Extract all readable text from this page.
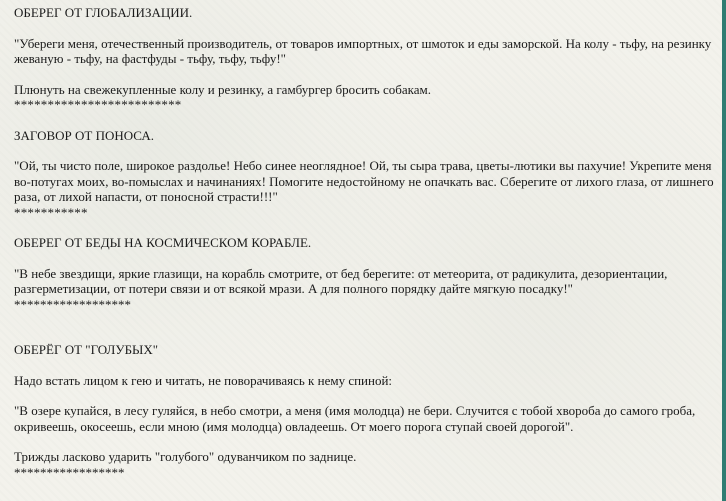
ОБЕРЕГ ОТ ГЛОБАЛИЗАЦИИ.

"Убереги меня, отечественный производитель, от товаров импортных, от шмоток и еды заморской. На колу - тьфу, на резинку жеваную - тьфу, на фастфуды - тьфу, тьфу, тьфу!"

Плюнуть на свежекупленные колу и резинку, а гамбургер бросить собакам.

*************************

ЗАГОВОР ОТ ПОНОСА.

"Ой, ты чисто поле, широкое раздолье! Небо синее неоглядное! Ой, ты сыра трава, цветы-лютики вы пахучие! Укрепите меня во-потугах моих, во-помыслах и начинаниях! Помогите недостойному не опачкать вас. Сберегите от лихого глаза, от лишнего раза, от лихой напасти, от поносной страсти!!!"

***********

ОБЕРЕГ ОТ БЕДЫ НА КОСМИЧЕСКОМ КОРАБЛЕ.

"В небе звездищи, яркие глазищи, на корабль смотрите, от бед берегите: от метеорита, от радикулита, дезориентации, разгерметизации, от потери связи и от всякой мрази. А для полного порядку дайте мягкую посадку!"

******************

ОБЕРЁГ ОТ "ГОЛУБЫХ"

Надо встать лицом к гею и читать, не поворачиваясь к нему спиной:

"В озере купайся, в лесу гуляйся, в небо смотри, а меня (имя молодца) не бери. Случится с тобой хвороба до самого гроба, окривеешь, окосеешь, если мною (имя молодца) овладеешь. От моего порога ступай своей дорогой".

Трижды ласково ударить "голубого" одуванчиком по заднице.

*****************
